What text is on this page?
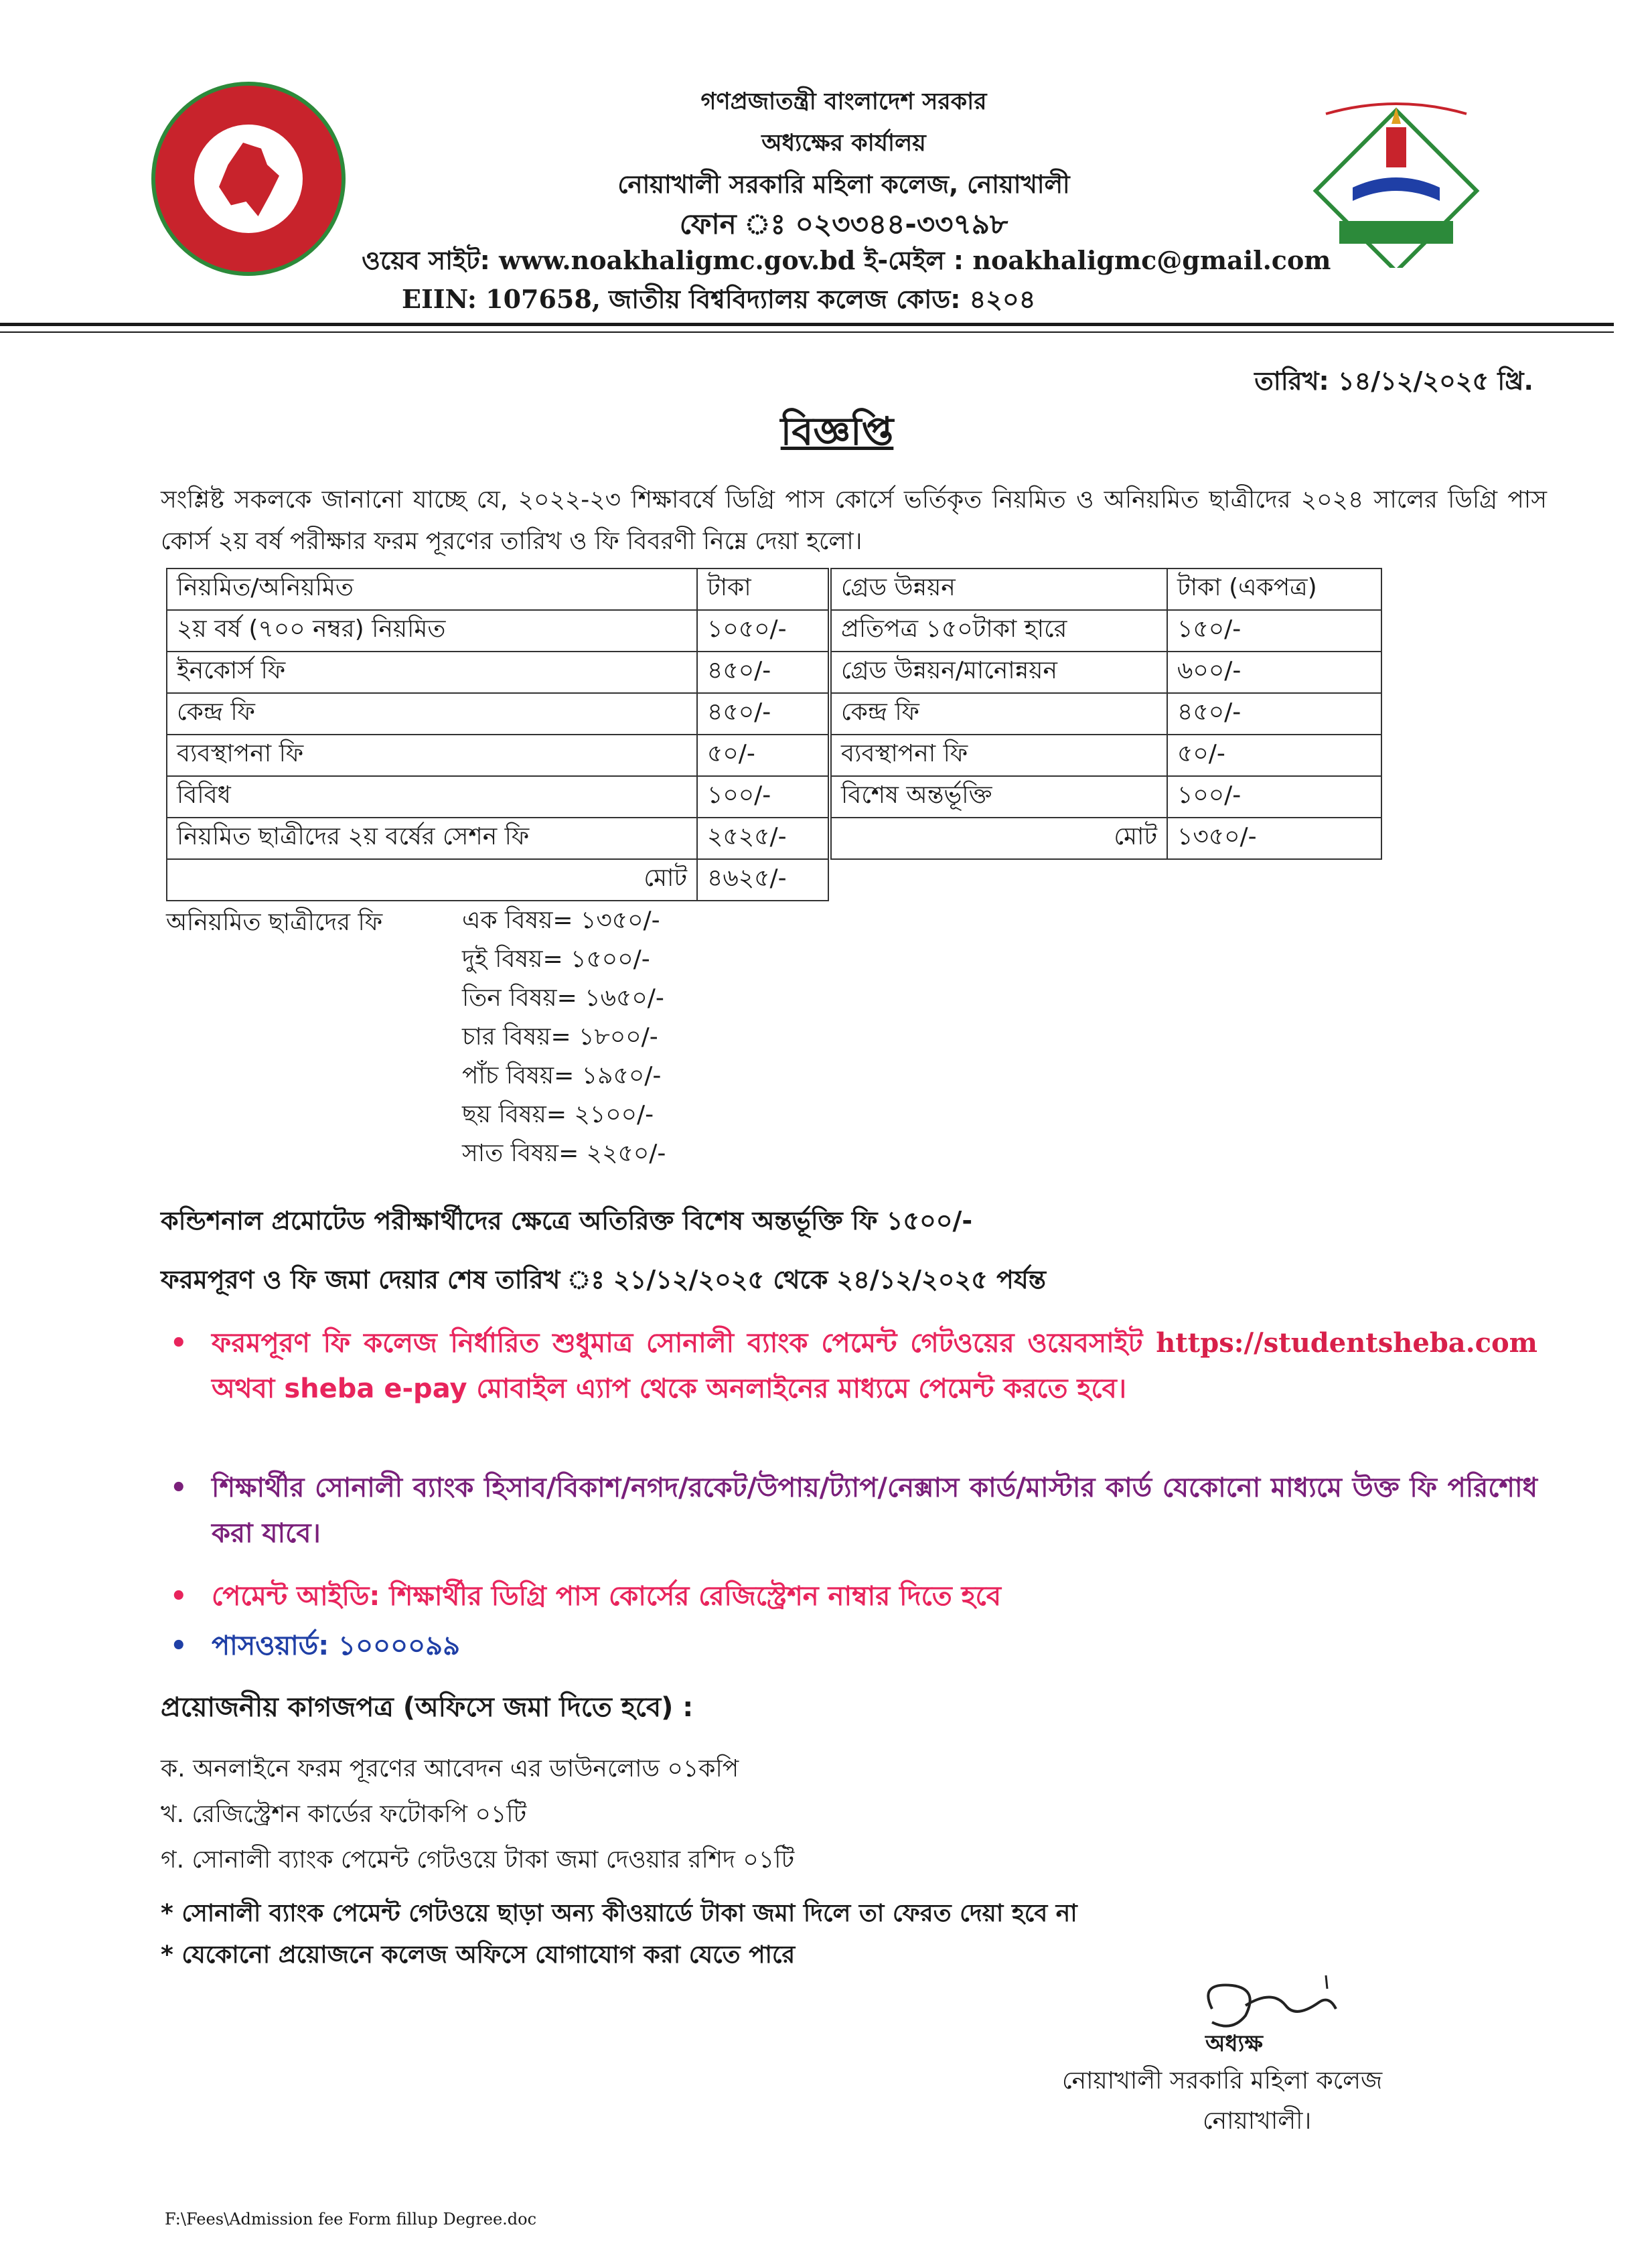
গণপ্রজাতন্ত্রী বাংলাদেশ সরকার
অধ্যক্ষের কার্যালয়
নোয়াখালী সরকারি মহিলা কলেজ, নোয়াখালী
ফোন ঃ ০২৩৩৪৪-৩৩৭৯৮
ওয়েব সাইট: www.noakhaligmc.gov.bd ই-মেইল : noakhaligmc@gmail.com
EIIN: 107658, জাতীয় বিশ্ববিদ্যালয় কলেজ কোড: ৪২০৪
তারিখ: ১৪/১২/২০২৫ খ্রি.
বিজ্ঞপ্তি
সংশ্লিষ্ট সকলকে জানানো যাচ্ছে যে, ২০২২-২৩ শিক্ষাবর্ষে ডিগ্রি পাস কোর্সে ভর্তিকৃত নিয়মিত ও অনিয়মিত ছাত্রীদের ২০২৪ সালের ডিগ্রি পাস কোর্স ২য় বর্ষ পরীক্ষার ফরম পূরণের তারিখ ও ফি বিবরণী নিম্নে দেয়া হলো।
নিয়মিত/অনিয়মিত	টাকা
২য় বর্ষ (৭০০ নম্বর) নিয়মিত	১০৫০/-
ইনকোর্স ফি	৪৫০/-
কেন্দ্র ফি	৪৫০/-
ব্যবস্থাপনা ফি	৫০/-
বিবিধ	১০০/-
নিয়মিত ছাত্রীদের ২য় বর্ষের সেশন ফি	২৫২৫/-
মোট	৪৬২৫/-
গ্রেড উন্নয়ন	টাকা (একপত্র)
প্রতিপত্র ১৫০টাকা হারে	১৫০/-
গ্রেড উন্নয়ন/মানোন্নয়ন	৬০০/-
কেন্দ্র ফি	৪৫০/-
ব্যবস্থাপনা ফি	৫০/-
বিশেষ অন্তর্ভূক্তি	১০০/-
মোট	১৩৫০/-
অনিয়মিত ছাত্রীদের ফি	এক বিষয়= ১৩৫০/-
দুই বিষয়= ১৫০০/-
তিন বিষয়= ১৬৫০/-
চার বিষয়= ১৮০০/-
পাঁচ বিষয়= ১৯৫০/-
ছয় বিষয়= ২১০০/-
সাত বিষয়= ২২৫০/-
কন্ডিশনাল প্রমোটেড পরীক্ষার্থীদের ক্ষেত্রে অতিরিক্ত বিশেষ অন্তর্ভূক্তি ফি ১৫০০/-
ফরমপূরণ ও ফি জমা দেয়ার শেষ তারিখ ঃ ২১/১২/২০২৫ থেকে ২৪/১২/২০২৫ পর্যন্ত
• ফরমপূরণ ফি কলেজ নির্ধারিত শুধুমাত্র সোনালী ব্যাংক পেমেন্ট গেটওয়ের ওয়েবসাইট https://studentsheba.com অথবা sheba e-pay মোবাইল এ্যাপ থেকে অনলাইনের মাধ্যমে পেমেন্ট করতে হবে।
• শিক্ষার্থীর সোনালী ব্যাংক হিসাব/বিকাশ/নগদ/রকেট/উপায়/ট্যাপ/নেক্সাস কার্ড/মাস্টার কার্ড যেকোনো মাধ্যমে উক্ত ফি পরিশোধ করা যাবে।
• পেমেন্ট আইডি: শিক্ষার্থীর ডিগ্রি পাস কোর্সের রেজিস্ট্রেশন নাম্বার দিতে হবে
• পাসওয়ার্ড: ১০০০০৯৯
প্রয়োজনীয় কাগজপত্র (অফিসে জমা দিতে হবে) :
ক. অনলাইনে ফরম পূরণের আবেদন এর ডাউনলোড ০১কপি
খ. রেজিস্ট্রেশন কার্ডের ফটোকপি ০১টি
গ. সোনালী ব্যাংক পেমেন্ট গেটওয়ে টাকা জমা দেওয়ার রশিদ ০১টি
* সোনালী ব্যাংক পেমেন্ট গেটওয়ে ছাড়া অন্য কীওয়ার্ডে টাকা জমা দিলে তা ফেরত দেয়া হবে না
* যেকোনো প্রয়োজনে কলেজ অফিসে যোগাযোগ করা যেতে পারে
অধ্যক্ষ
নোয়াখালী সরকারি মহিলা কলেজ
নোয়াখালী।
F:\Fees\Admission fee Form fillup Degree.doc
